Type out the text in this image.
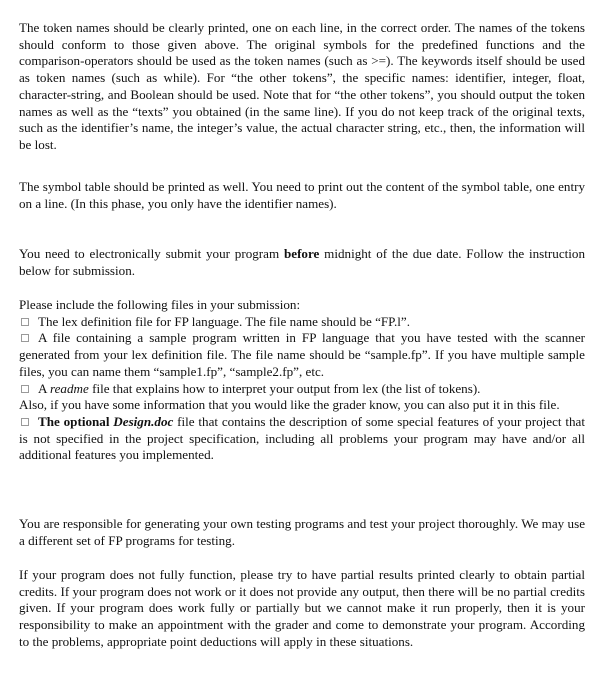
The token names should be clearly printed, one on each line, in the correct order. The names of the tokens should conform to those given above. The original symbols for the predefined functions and the comparison-operators should be used as the token names (such as >=). The keywords itself should be used as token names (such as while). For “the other tokens”, the specific names: identifier, integer, float, character-string, and Boolean should be used. Note that for “the other tokens”, you should output the token names as well as the “texts” you obtained (in the same line). If you do not keep track of the original texts, such as the identifier’s name, the integer’s value, the actual character string, etc., then, the information will be lost.

The symbol table should be printed as well. You need to print out the content of the symbol table, one entry on a line. (In this phase, you only have the identifier names).

You need to electronically submit your program before midnight of the due date. Follow the instruction below for submission.

Please include the following files in your submission:
The lex definition file for FP language. The file name should be “FP.l”.
A file containing a sample program written in FP language that you have tested with the scanner generated from your lex definition file. The file name should be “sample.fp”. If you have multiple sample files, you can name them “sample1.fp”, “sample2.fp”, etc.
A readme file that explains how to interpret your output from lex (the list of tokens).
Also, if you have some information that you would like the grader know, you can also put it in this file.
The optional Design.doc file that contains the description of some special features of your project that is not specified in the project specification, including all problems your program may have and/or all additional features you implemented.

You are responsible for generating your own testing programs and test your project thoroughly. We may use a different set of FP programs for testing.

If your program does not fully function, please try to have partial results printed clearly to obtain partial credits. If your program does not work or it does not provide any output, then there will be no partial credits given. If your program does work fully or partially but we cannot make it run properly, then it is your responsibility to make an appointment with the grader and come to demonstrate your program. According to the problems, appropriate point deductions will apply in these situations.
